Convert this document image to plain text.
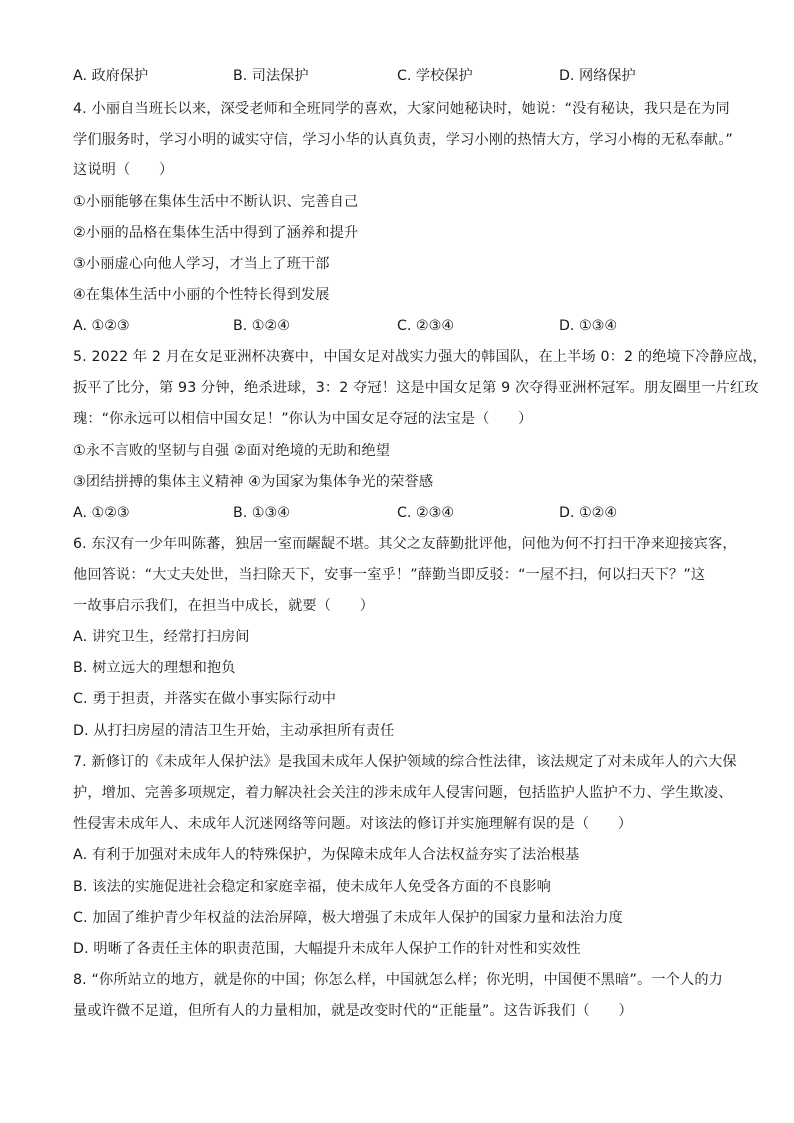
A. 政府保护	B. 司法保护	C. 学校保护	D. 网络保护
4. 小丽自当班长以来，深受老师和全班同学的喜欢，大家问她秘诀时，她说：“没有秘诀，我只是在为同
学们服务时，学习小明的诚实守信，学习小华的认真负责，学习小刚的热情大方，学习小梅的无私奉献。”
这说明（　　）
①小丽能够在集体生活中不断认识、完善自己
②小丽的品格在集体生活中得到了涵养和提升
③小丽虚心向他人学习，才当上了班干部
④在集体生活中小丽的个性特长得到发展
A. ①②③	B. ①②④	C. ②③④	D. ①③④
5. 2022 年 2 月在女足亚洲杯决赛中，中国女足对战实力强大的韩国队，在上半场 0：2 的绝境下冷静应战，
扳平了比分，第 93 分钟，绝杀进球，3：2 夺冠！这是中国女足第 9 次夺得亚洲杯冠军。朋友圈里一片红玫
瑰：“你永远可以相信中国女足！”你认为中国女足夺冠的法宝是（　　）
①永不言败的坚韧与自强 ②面对绝境的无助和绝望
③团结拼搏的集体主义精神 ④为国家为集体争光的荣誉感
A. ①②③	B. ①③④	C. ②③④	D. ①②④
6. 东汉有一少年叫陈蕃，独居一室而龌龊不堪。其父之友薛勤批评他，问他为何不打扫干净来迎接宾客，
他回答说：“大丈夫处世，当扫除天下，安事一室乎！”薛勤当即反驳：“一屋不扫，何以扫天下？”这
一故事启示我们，在担当中成长，就要（　　）
A. 讲究卫生，经常打扫房间
B. 树立远大的理想和抱负
C. 勇于担责，并落实在做小事实际行动中
D. 从打扫房屋的清洁卫生开始，主动承担所有责任
7. 新修订的《未成年人保护法》是我国未成年人保护领域的综合性法律，该法规定了对未成年人的六大保
护，增加、完善多项规定，着力解决社会关注的涉未成年人侵害问题，包括监护人监护不力、学生欺凌、
性侵害未成年人、未成年人沉迷网络等问题。对该法的修订并实施理解有误的是（　　）
A. 有利于加强对未成年人的特殊保护，为保障未成年人合法权益夯实了法治根基
B. 该法的实施促进社会稳定和家庭幸福，使未成年人免受各方面的不良影响
C. 加固了维护青少年权益的法治屏障，极大增强了未成年人保护的国家力量和法治力度
D. 明晰了各责任主体的职责范围，大幅提升未成年人保护工作的针对性和实效性
8. “你所站立的地方，就是你的中国；你怎么样，中国就怎么样；你光明，中国便不黑暗”。一个人的力
量或许微不足道，但所有人的力量相加，就是改变时代的“正能量”。这告诉我们（　　）
